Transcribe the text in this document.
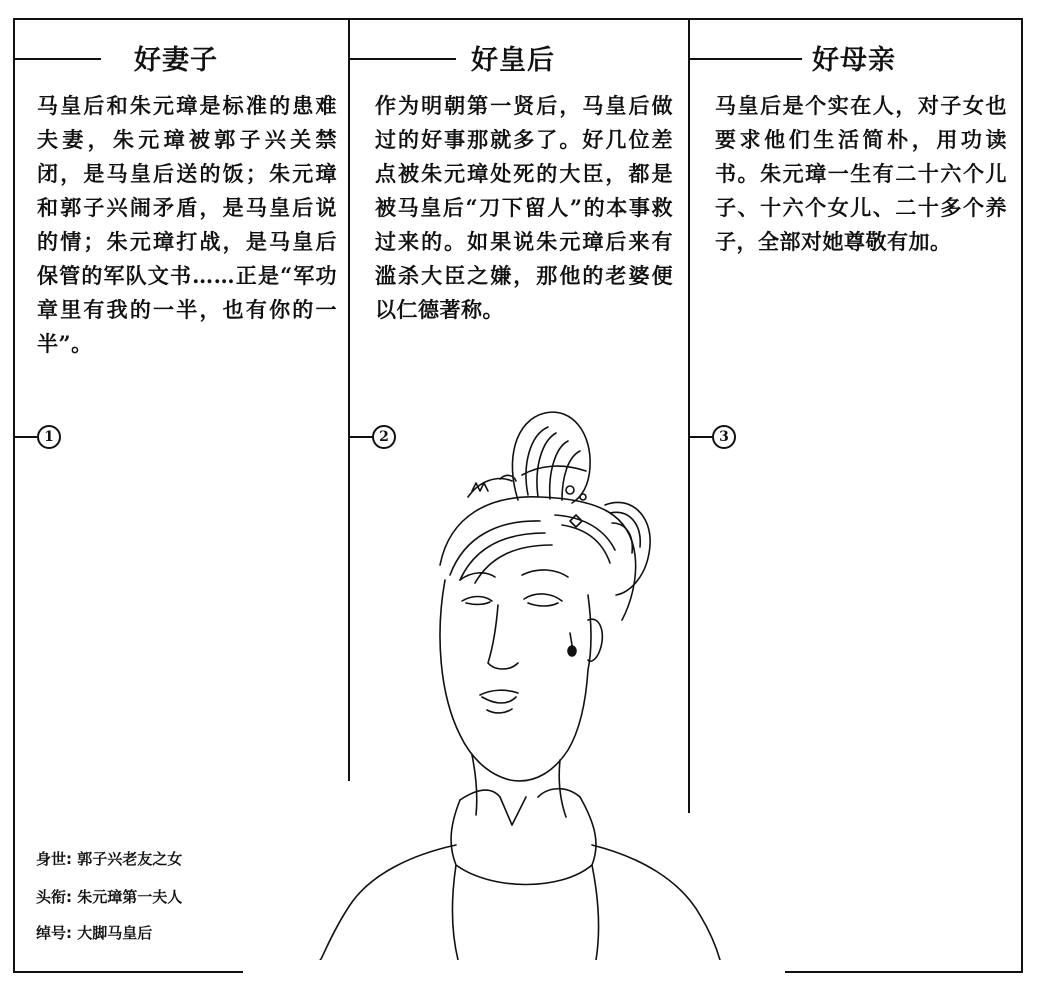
好妻子
马皇后和朱元璋是标准的患难夫妻，朱元璋被郭子兴关禁闭，是马皇后送的饭；朱元璋和郭子兴闹矛盾，是马皇后说的情；朱元璋打战，是马皇后保管的军队文书……正是“军功章里有我的一半，也有你的一半”。
1
好皇后
作为明朝第一贤后，马皇后做过的好事那就多了。好几位差点被朱元璋处死的大臣，都是被马皇后“刀下留人”的本事救过来的。如果说朱元璋后来有滥杀大臣之嫌，那他的老婆便以仁德著称。
2
好母亲
马皇后是个实在人，对子女也要求他们生活简朴，用功读书。朱元璋一生有二十六个儿子、十六个女儿、二十多个养子，全部对她尊敬有加。
3
身世 : 郭子兴老友之女
头衔 : 朱元璋第一夫人
绰号 : 大脚马皇后
